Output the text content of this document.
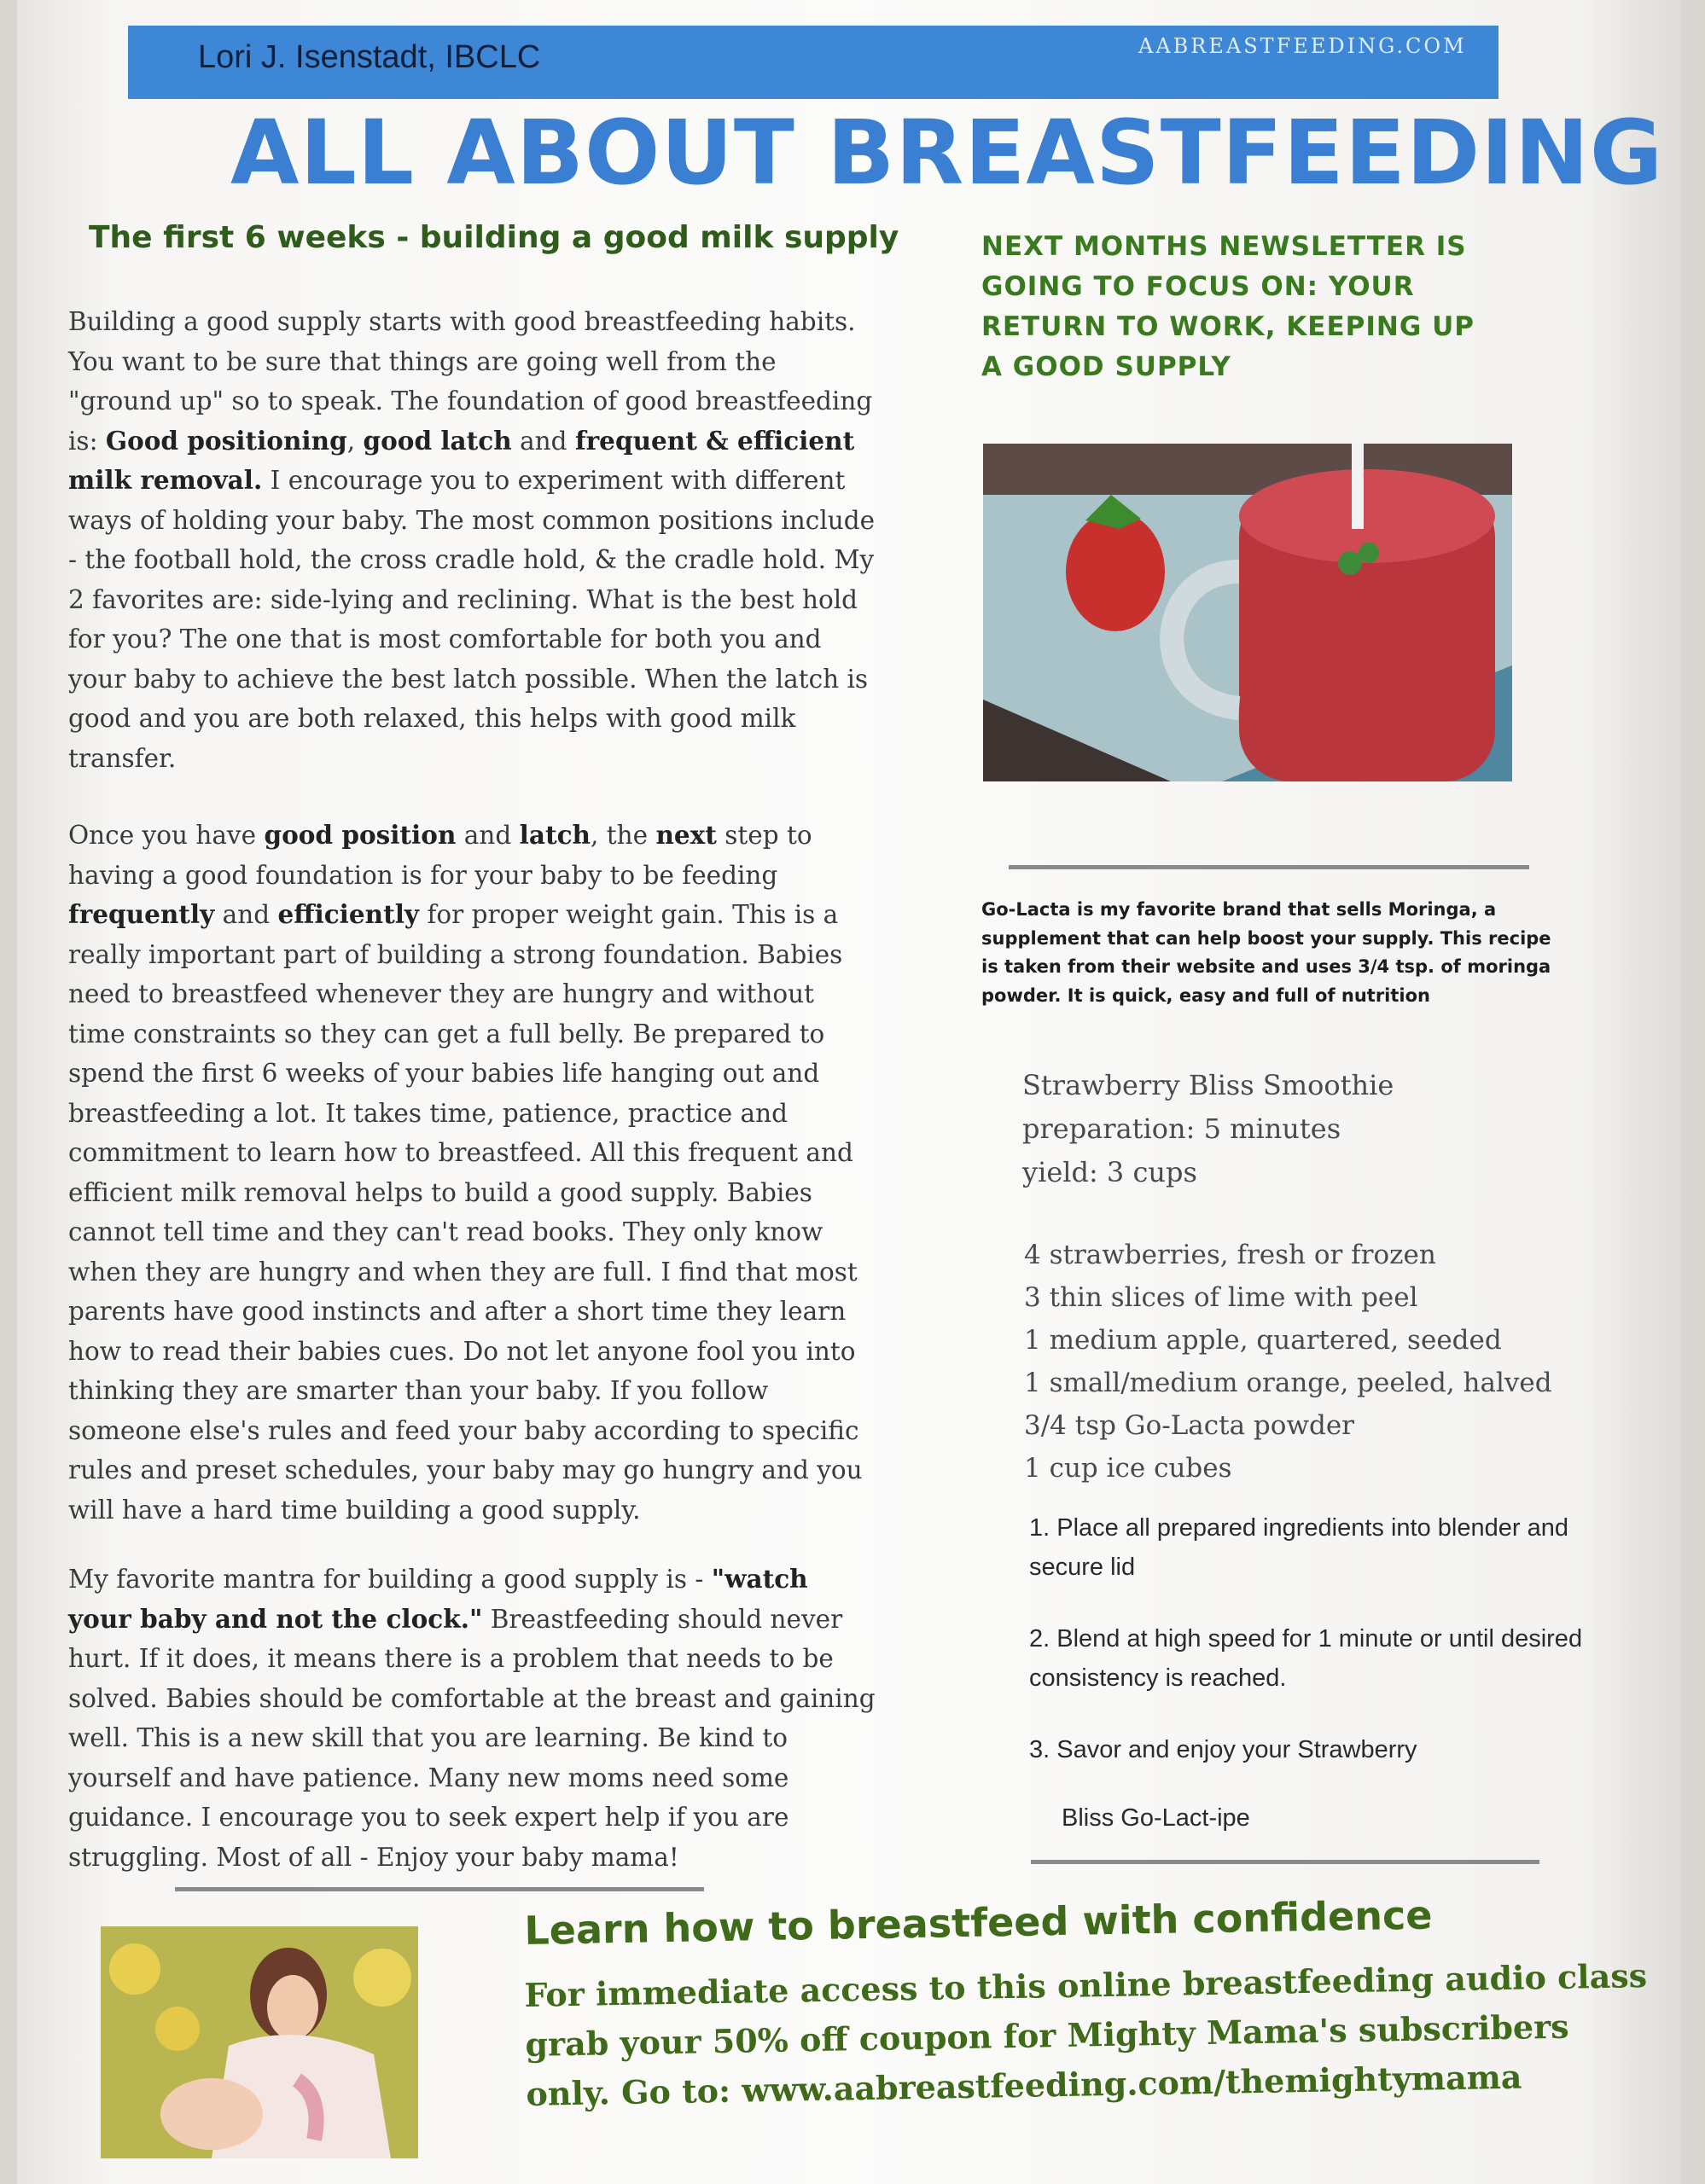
Lori J. Isenstadt, IBCLC	AABREASTFEEDING.COM
ALL ABOUT BREASTFEEDING
The first 6 weeks - building a good milk supply

Building a good supply starts with good breastfeeding habits. You want to be sure that things are going well from the "ground up" so to speak. The foundation of good breastfeeding is: Good positioning, good latch and frequent & efficient milk removal. I encourage you to experiment with different ways of holding your baby. The most common positions include - the football hold, the cross cradle hold, & the cradle hold. My 2 favorites are: side-lying and reclining. What is the best hold for you? The one that is most comfortable for both you and your baby to achieve the best latch possible. When the latch is good and you are both relaxed, this helps with good milk transfer.

Once you have good position and latch, the next step to having a good foundation is for your baby to be feeding frequently and efficiently for proper weight gain. This is a really important part of building a strong foundation. Babies need to breastfeed whenever they are hungry and without time constraints so they can get a full belly. Be prepared to spend the first 6 weeks of your babies life hanging out and breastfeeding a lot. It takes time, patience, practice and commitment to learn how to breastfeed. All this frequent and efficient milk removal helps to build a good supply. Babies cannot tell time and they can't read books. They only know when they are hungry and when they are full. I find that most parents have good instincts and after a short time they learn how to read their babies cues. Do not let anyone fool you into thinking they are smarter than your baby. If you follow someone else's rules and feed your baby according to specific rules and preset schedules, your baby may go hungry and you will have a hard time building a good supply.

My favorite mantra for building a good supply is - "watch your baby and not the clock." Breastfeeding should never hurt. If it does, it means there is a problem that needs to be solved. Babies should be comfortable at the breast and gaining well. This is a new skill that you are learning. Be kind to yourself and have patience. Many new moms need some guidance. I encourage you to seek expert help if you are struggling. Most of all - Enjoy your baby mama!

NEXT MONTHS NEWSLETTER IS GOING TO FOCUS ON: YOUR RETURN TO WORK, KEEPING UP A GOOD SUPPLY
Go-Lacta is my favorite brand that sells Moringa, a supplement that can help boost your supply. This recipe is taken from their website and uses 3/4 tsp. of moringa powder. It is quick, easy and full of nutrition
Strawberry Bliss Smoothie
preparation: 5 minutes
yield: 3 cups
4 strawberries, fresh or frozen
3 thin slices of lime with peel
1 medium apple, quartered, seeded
1 small/medium orange, peeled, halved
3/4 tsp Go-Lacta powder
1 cup ice cubes
1. Place all prepared ingredients into blender and secure lid
2. Blend at high speed for 1 minute or until desired consistency is reached.
3. Savor and enjoy your Strawberry
Bliss Go-Lact-ipe
Learn how to breastfeed with confidence
For immediate access to this online breastfeeding audio class
grab your 50% off coupon for Mighty Mama's subscribers
only. Go to: www.aabreastfeeding.com/themightymama
